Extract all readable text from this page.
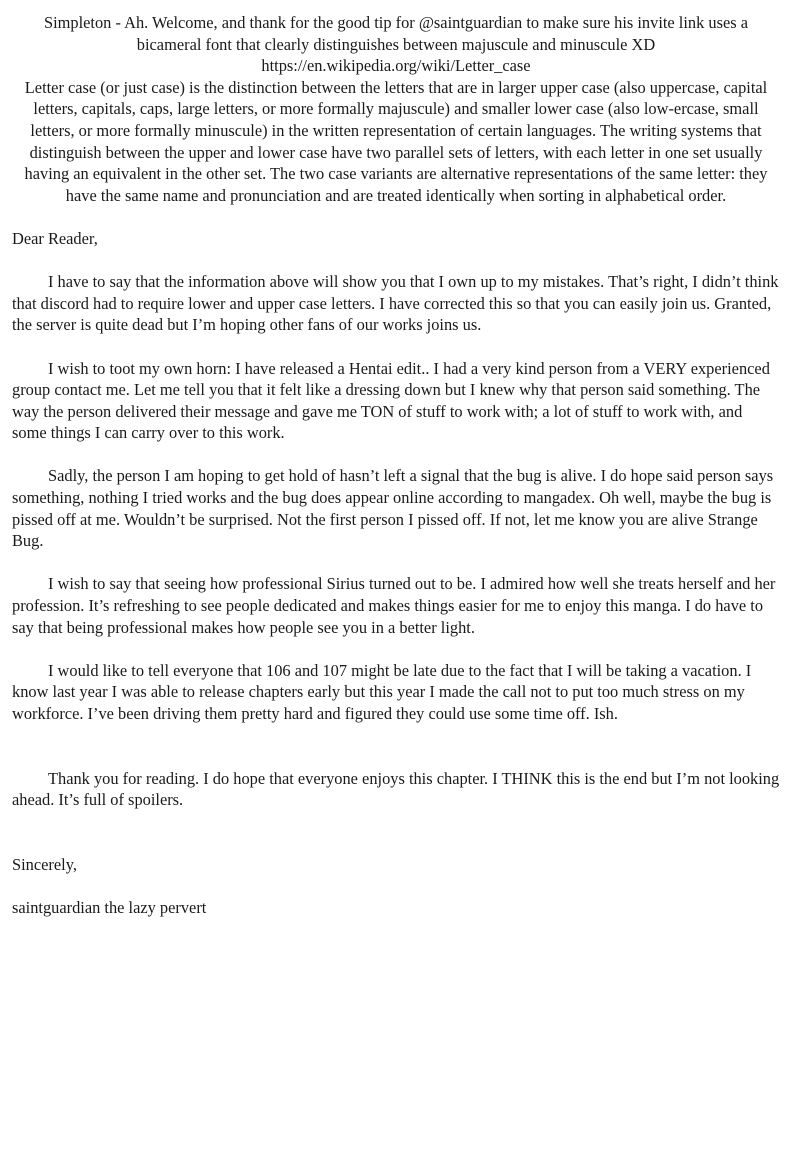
Simpleton - Ah. Welcome, and thank for the good tip for @saintguardian to make sure his invite link uses a bicameral font that clearly distinguishes between majuscule and minuscule XD

https://en.wikipedia.org/wiki/Letter_case

Letter case (or just case) is the distinction between the letters that are in larger upper case (also uppercase, capital letters, capitals, caps, large letters, or more formally majuscule) and smaller lower case (also low-ercase, small letters, or more formally minuscule) in the written representation of certain languages. The writing systems that distinguish between the upper and lower case have two parallel sets of letters, with each letter in one set usually having an equivalent in the other set. The two case variants are alternative representations of the same letter: they have the same name and pronunciation and are treated identically when sorting in alphabetical order.

Dear Reader,

I have to say that the information above will show you that I own up to my mistakes. That’s right, I didn’t think that discord had to require lower and upper case letters. I have corrected this so that you can easily join us. Granted, the server is quite dead but I’m hoping other fans of our works joins us.

I wish to toot my own horn: I have released a Hentai edit.. I had a very kind person from a VERY experienced group contact me. Let me tell you that it felt like a dressing down but I knew why that person said something. The way the person delivered their message and gave me TON of stuff to work with; a lot of stuff to work with, and some things I can carry over to this work.

Sadly, the person I am hoping to get hold of hasn’t left a signal that the bug is alive. I do hope said person says something, nothing I tried works and the bug does appear online according to mangadex. Oh well, maybe the bug is pissed off at me. Wouldn’t be surprised. Not the first person I pissed off. If not, let me know you are alive Strange Bug.

I wish to say that seeing how professional Sirius turned out to be. I admired how well she treats herself and her profession. It’s refreshing to see people dedicated and makes things easier for me to enjoy this manga. I do have to say that being professional makes how people see you in a better light.

I would like to tell everyone that 106 and 107 might be late due to the fact that I will be taking a vacation. I know last year I was able to release chapters early but this year I made the call not to put too much stress on my workforce. I’ve been driving them pretty hard and figured they could use some time off. Ish.

Thank you for reading. I do hope that everyone enjoys this chapter. I THINK this is the end but I’m not looking ahead. It’s full of spoilers.

Sincerely,

saintguardian the lazy pervert
